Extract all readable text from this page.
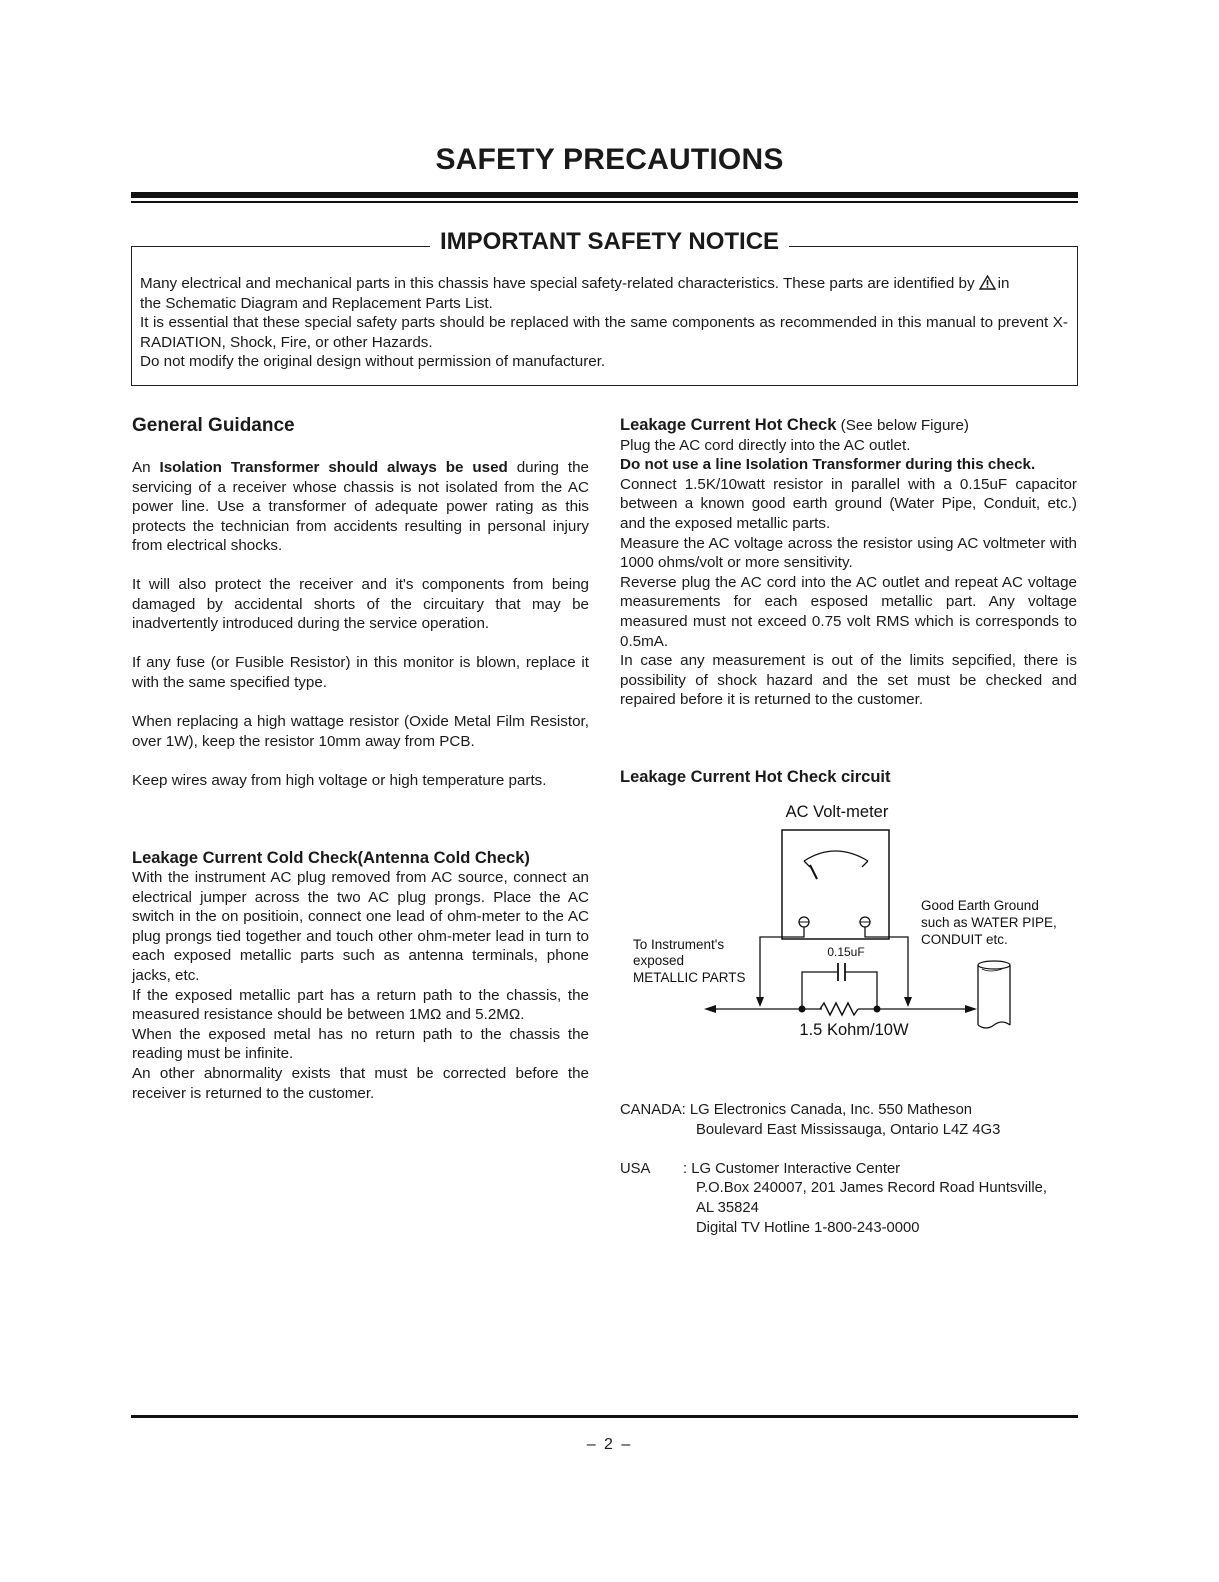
SAFETY PRECAUTIONS
IMPORTANT SAFETY NOTICE

Many electrical and mechanical parts in this chassis have special safety-related characteristics. These parts are identified by in

the Schematic Diagram and Replacement Parts List.

It is essential that these special safety parts should be replaced with the same components as recommended in this manual to prevent X-RADIATION, Shock, Fire, or other Hazards.

Do not modify the original design without permission of manufacturer.

General Guidance

An Isolation Transformer should always be used during the servicing of a receiver whose chassis is not isolated from the AC power line. Use a transformer of adequate power rating as this protects the technician from accidents resulting in personal injury from electrical shocks.

It will also protect the receiver and it's components from being damaged by accidental shorts of the circuitary that may be inadvertently introduced during the service operation.

If any fuse (or Fusible Resistor) in this monitor is blown, replace it with the same specified type.

When replacing a high wattage resistor (Oxide Metal Film Resistor, over 1W), keep the resistor 10mm away from PCB.

Keep wires away from high voltage or high temperature parts.

Leakage Current Cold Check(Antenna Cold Check)

With the instrument AC plug removed from AC source, connect an electrical jumper across the two AC plug prongs. Place the AC switch in the on positioin, connect one lead of ohm-meter to the AC plug prongs tied together and touch other ohm-meter lead in turn to each exposed metallic parts such as antenna terminals, phone jacks, etc.

If the exposed metallic part has a return path to the chassis, the measured resistance should be between 1MΩ and 5.2MΩ.

When the exposed metal has no return path to the chassis the reading must be infinite.

An other abnormality exists that must be corrected before the receiver is returned to the customer.

Leakage Current Hot Check (See below Figure)

Plug the AC cord directly into the AC outlet.

Do not use a line Isolation Transformer during this check.

Connect 1.5K/10watt resistor in parallel with a 0.15uF capacitor between a known good earth ground (Water Pipe, Conduit, etc.) and the exposed metallic parts.

Measure the AC voltage across the resistor using AC voltmeter with 1000 ohms/volt or more sensitivity.

Reverse plug the AC cord into the AC outlet and repeat AC voltage measurements for each esposed metallic part. Any voltage measured must not exceed 0.75 volt RMS which is corresponds to 0.5mA.

In case any measurement is out of the limits sepcified, there is possibility of shock hazard and the set must be checked and repaired before it is returned to the customer.

Leakage Current Hot Check circuit
AC Volt-meter
0.15uF
1.5 Kohm/10W
To Instrument's
exposed
METALLIC PARTS
Good Earth Ground
such as WATER PIPE,
CONDUIT etc.
CANADA: LG Electronics Canada, Inc. 550 Matheson
Boulevard East Mississauga, Ontario L4Z 4G3
USA : LG Customer Interactive Center
P.O.Box 240007, 201 James Record Road Huntsville,
AL 35824
Digital TV Hotline 1-800-243-0000
– 2 –
